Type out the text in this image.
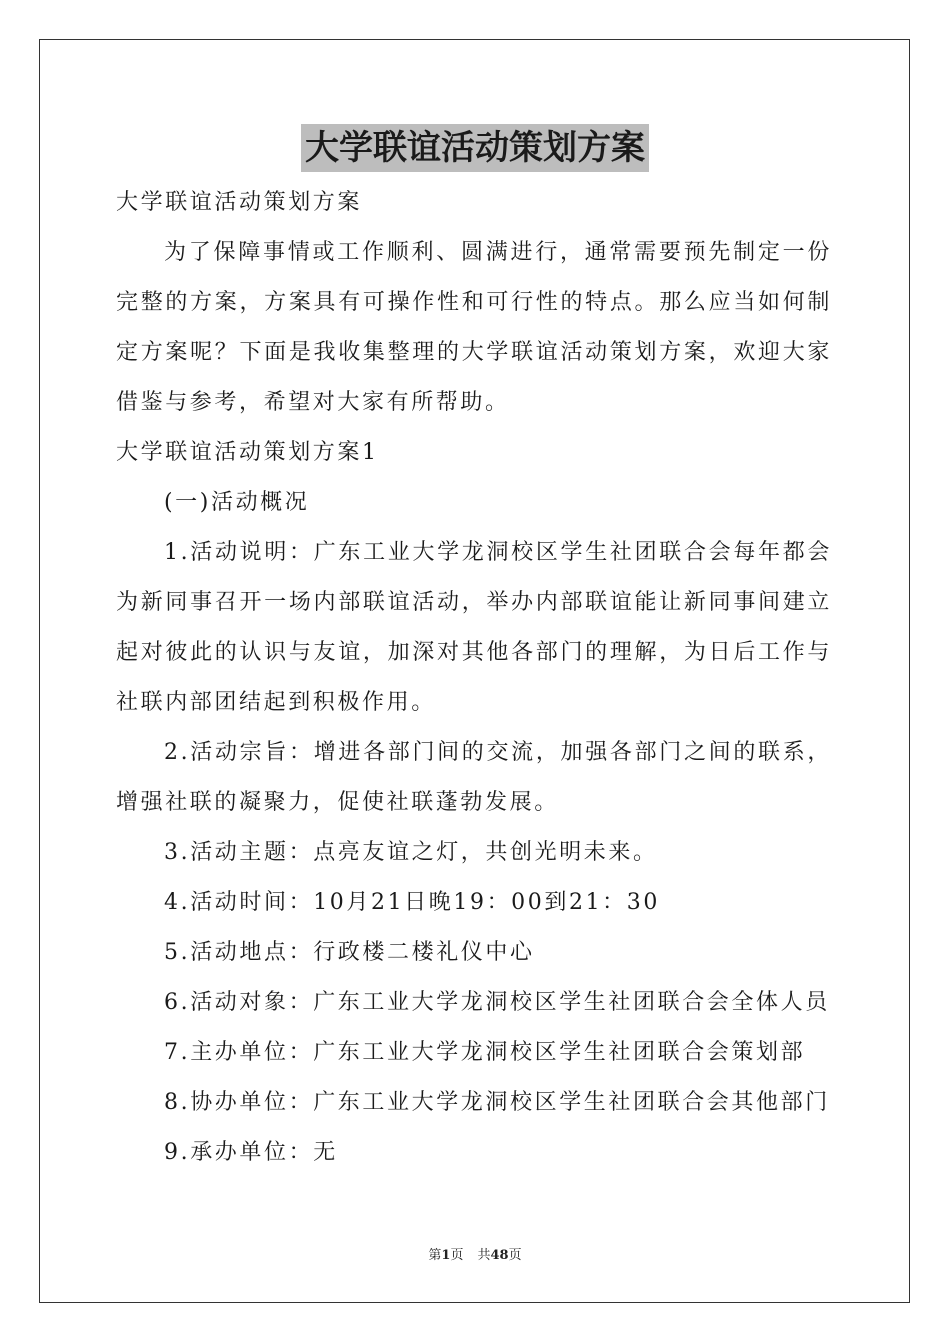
大学联谊活动策划方案
大学联谊活动策划方案

为了保障事情或工作顺利、圆满进行，通常需要预先制定一份完整的方案，方案具有可操作性和可行性的特点。那么应当如何制定方案呢？下面是我收集整理的大学联谊活动策划方案，欢迎大家借鉴与参考，希望对大家有所帮助。

大学联谊活动策划方案1
(一)活动概况

1.活动说明：广东工业大学龙洞校区学生社团联合会每年都会为新同事召开一场内部联谊活动，举办内部联谊能让新同事间建立起对彼此的认识与友谊，加深对其他各部门的理解，为日后工作与社联内部团结起到积极作用。

2.活动宗旨：增进各部门间的交流，加强各部门之间的联系，增强社联的凝聚力，促使社联蓬勃发展。

3.活动主题：点亮友谊之灯，共创光明未来。
4.活动时间：10月21日晚19：00到21：30
5.活动地点：行政楼二楼礼仪中心
6.活动对象：广东工业大学龙洞校区学生社团联合会全体人员
7.主办单位：广东工业大学龙洞校区学生社团联合会策划部
8.协办单位：广东工业大学龙洞校区学生社团联合会其他部门
9.承办单位：无
第1页 共48页
